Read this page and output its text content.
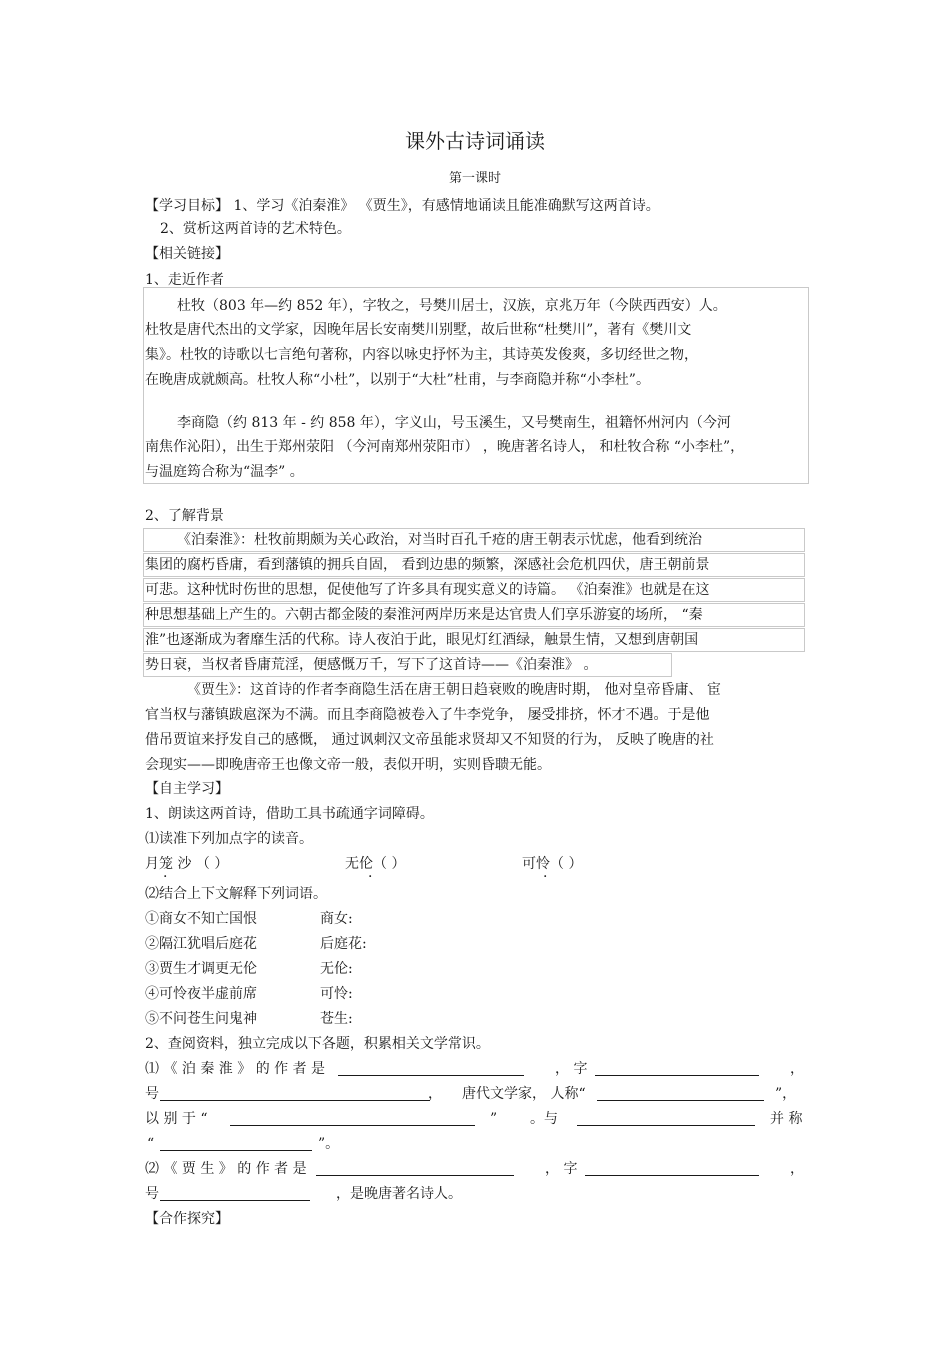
课外古诗词诵读
第一课时
【学习目标】 1、学习《泊秦淮》 《贾生》，有感情地诵读且能准确默写这两首诗。
2、赏析这两首诗的艺术特色。
【相关链接】
1、走近作者
杜牧（803 年—约 852 年），字牧之，号樊川居士，汉族，京兆万年（今陕西西安）人。
杜牧是唐代杰出的文学家，因晚年居长安南樊川别墅，故后世称“杜樊川”，著有《樊川文
集》。杜牧的诗歌以七言绝句著称，内容以咏史抒怀为主，其诗英发俊爽，多切经世之物，
在晚唐成就颇高。杜牧人称“小杜”，以别于“大杜”杜甫，与李商隐并称“小李杜”。
李商隐（约 813 年 - 约 858 年），字义山，号玉溪生，又号樊南生，祖籍怀州河内（今河
南焦作沁阳），出生于郑州荥阳 （今河南郑州荥阳市） ，晚唐著名诗人， 和杜牧合称 “小李杜”，
与温庭筠合称为“温李” 。
2、了解背景
《泊秦淮》：杜牧前期颇为关心政治，对当时百孔千疮的唐王朝表示忧虑，他看到统治
集团的腐朽昏庸，看到藩镇的拥兵自固， 看到边患的频繁，深感社会危机四伏，唐王朝前景
可悲。这种忧时伤世的思想，促使他写了许多具有现实意义的诗篇。 《泊秦淮》也就是在这
种思想基础上产生的。六朝古都金陵的秦淮河两岸历来是达官贵人们享乐游宴的场所， “秦
淮”也逐渐成为奢靡生活的代称。诗人夜泊于此，眼见灯红酒绿，触景生情，又想到唐朝国
势日衰，当权者昏庸荒淫，便感慨万千，写下了这首诗——《泊秦淮》 。
《贾生》：这首诗的作者李商隐生活在唐王朝日趋衰败的晚唐时期， 他对皇帝昏庸、 宦
官当权与藩镇跋扈深为不满。而且李商隐被卷入了牛李党争， 屡受排挤，怀才不遇。于是他
借吊贾谊来抒发自己的感慨， 通过讽刺汉文帝虽能求贤却又不知贤的行为， 反映了晚唐的社
会现实——即晚唐帝王也像文帝一般，表似开明，实则昏聩无能。
【自主学习】
1、朗读这两首诗，借助工具书疏通字词障碍。
⑴读准下列加点字的读音。
月笼 沙 （ ）	无伦（ ）	可怜（ ）
·	·	·
⑵结合上下文解释下列词语。
①商女不知亡国恨	商女:
②隔江犹唱后庭花	后庭花:
③贾生才调更无伦	无伦:
④可怜夜半虚前席	可怜:
⑤不问苍生问鬼神	苍生:
2、查阅资料，独立完成以下各题，积累相关文学常识。
⑴ 《 泊 秦 淮 》 的 作 者 是	， 字	，
号	， 唐代文学家， 人称“	”，
以 别 于 “	” 。与	并 称
“	”。
⑵ 《 贾 生 》 的 作 者 是	， 字	，
号	，是晚唐著名诗人。
【合作探究】
